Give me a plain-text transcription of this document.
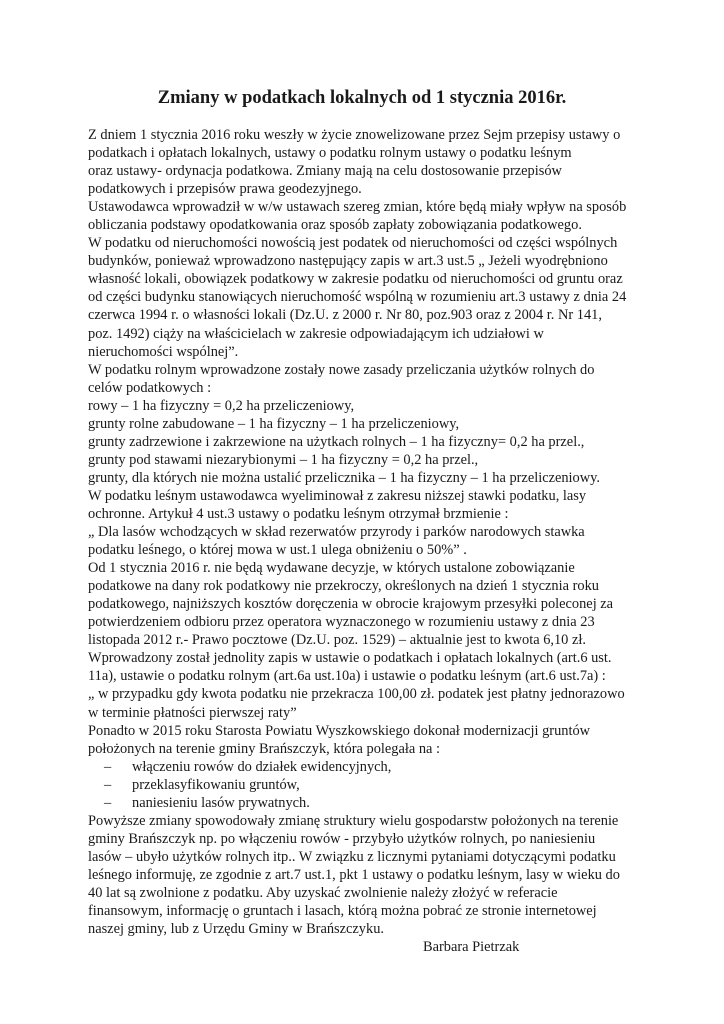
Zmiany w podatkach lokalnych od 1 stycznia 2016r.
Z dniem 1 stycznia 2016 roku weszły w życie znowelizowane przez Sejm przepisy ustawy o
podatkach i opłatach lokalnych, ustawy o podatku rolnym ustawy o podatku leśnym
oraz ustawy- ordynacja podatkowa. Zmiany mają na celu dostosowanie przepisów
podatkowych i przepisów prawa geodezyjnego.
Ustawodawca wprowadził w w/w ustawach szereg zmian, które będą miały wpływ na sposób
obliczania podstawy opodatkowania oraz sposób zapłaty zobowiązania podatkowego.
W podatku od nieruchomości nowością jest podatek od nieruchomości od części wspólnych
budynków, ponieważ wprowadzono następujący zapis w art.3 ust.5 „ Jeżeli wyodrębniono
własność lokali, obowiązek podatkowy w zakresie podatku od nieruchomości od gruntu oraz
od części budynku stanowiących nieruchomość wspólną w rozumieniu art.3 ustawy z dnia 24
czerwca 1994 r. o własności lokali (Dz.U. z 2000 r. Nr 80, poz.903 oraz z 2004 r. Nr 141,
poz. 1492) ciąży na właścicielach w zakresie odpowiadającym ich udziałowi w
nieruchomości wspólnej”.
W podatku rolnym wprowadzone zostały nowe zasady przeliczania użytków rolnych do
celów podatkowych :
rowy – 1 ha fizyczny = 0,2 ha przeliczeniowy,
grunty rolne zabudowane – 1 ha fizyczny – 1 ha przeliczeniowy,
grunty zadrzewione i zakrzewione na użytkach rolnych – 1 ha fizyczny= 0,2 ha przel.,
grunty pod stawami niezarybionymi – 1 ha fizyczny = 0,2 ha przel.,
grunty, dla których nie można ustalić przelicznika – 1 ha fizyczny – 1 ha przeliczeniowy.
W podatku leśnym ustawodawca wyeliminował z zakresu niższej stawki podatku, lasy
ochronne. Artykuł 4 ust.3 ustawy o podatku leśnym otrzymał brzmienie :
„ Dla lasów wchodzących w skład rezerwatów przyrody i parków narodowych stawka
podatku leśnego, o której mowa w ust.1 ulega obniżeniu o 50%” .
Od 1 stycznia 2016 r. nie będą wydawane decyzje, w których ustalone zobowiązanie
podatkowe na dany rok podatkowy nie przekroczy, określonych na dzień 1 stycznia roku
podatkowego, najniższych kosztów doręczenia w obrocie krajowym przesyłki poleconej za
potwierdzeniem odbioru przez operatora wyznaczonego w rozumieniu ustawy z dnia 23
listopada 2012 r.- Prawo pocztowe (Dz.U. poz. 1529) – aktualnie jest to kwota 6,10 zł.
Wprowadzony został jednolity zapis w ustawie o podatkach i opłatach lokalnych (art.6 ust.
11a), ustawie o podatku rolnym (art.6a ust.10a) i ustawie o podatku leśnym (art.6 ust.7a) :
„ w przypadku gdy kwota podatku nie przekracza 100,00 zł. podatek jest płatny jednorazowo
w terminie płatności pierwszej raty”
Ponadto w 2015 roku Starosta Powiatu Wyszkowskiego dokonał modernizacji gruntów
położonych na terenie gminy Brańszczyk, która polegała na :
– włączeniu rowów do działek ewidencyjnych,
– przeklasyfikowaniu gruntów,
– naniesieniu lasów prywatnych.
Powyższe zmiany spowodowały zmianę struktury wielu gospodarstw położonych na terenie
gminy Brańszczyk np. po włączeniu rowów - przybyło użytków rolnych, po naniesieniu
lasów – ubyło użytków rolnych itp.. W związku z licznymi pytaniami dotyczącymi podatku
leśnego informuję, ze zgodnie z art.7 ust.1, pkt 1 ustawy o podatku leśnym, lasy w wieku do
40 lat są zwolnione z podatku. Aby uzyskać zwolnienie należy złożyć w referacie
finansowym, informację o gruntach i lasach, którą można pobrać ze stronie internetowej
naszej gminy, lub z Urzędu Gminy w Brańszczyku.
Barbara Pietrzak
